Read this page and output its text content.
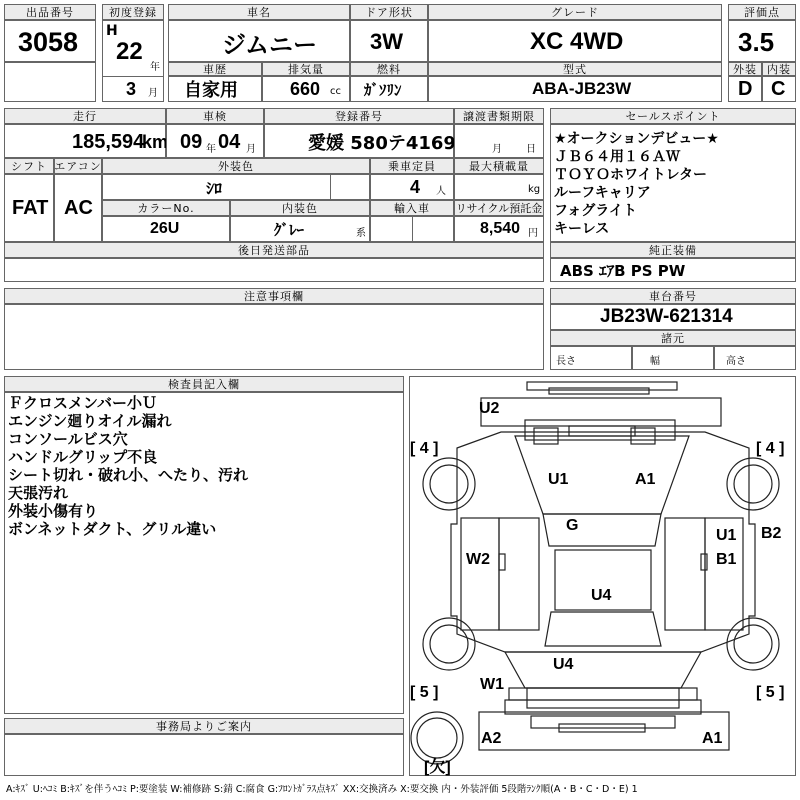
出品番号
3058
初度登録
H
22
年
3 月
車名
ジムニー
ドア形状
3W
グレード
XC 4WD
評価点
3.5
車歴
自家用
排気量
660 cc
燃料
ｶﾞｿﾘﾝ
型式
ABA-JB23W
外装 内装
D C
走行
185,594
km
車検
09 年 04 月
登録番号
愛媛 580テ4169
譲渡書類期限
月 日
シフト
FAT
エアコン
AC
外装色
ｼﾛ
乗車定員
4 人
最大積載量
kg
カラーNo.
26U
内装色
ｸﾞﾚｰ	系
輸入車	リサイクル預託金
8,540 円
後日発送部品
セールスポイント
★オークションデビュー★
ＪＢ６４用１６ＡＷ
ＴＯＹＯホワイトレター
ルーフキャリア
フォグライト
キーレス
純正装備
ABS ｴｱB PS PW
注意事項欄	車台番号
JB23W-621314
諸元
長さ	幅	高さ
検査員記入欄
Ｆクロスメンバー小Ｕ
エンジン廻りオイル漏れ
コンソールビス穴
ハンドルグリップ不良
シート切れ・破れ小、へたり、汚れ
天張汚れ
外装小傷有り
ボンネットダクト、グリル違い
事務局よりご案内
U2
U1	A1
G
W2
U1
B1
B2
U4
U4
W1
A2	A1
[ 4 ]	[ 4 ]
[ 5 ]	[ 5 ]
[欠]
A:ｷｽﾞ U:ﾍｺﾐ B:ｷｽﾞを伴うﾍｺﾐ P:要塗装 W:補修跡 S:錆 C:腐食 G:ﾌﾛﾝﾄｶﾞﾗｽ点ｷｽﾞ XX:交換済み X:要交換 内・外装評価 5段階ﾗﾝｸ順(A・B・C・D・E) 1
